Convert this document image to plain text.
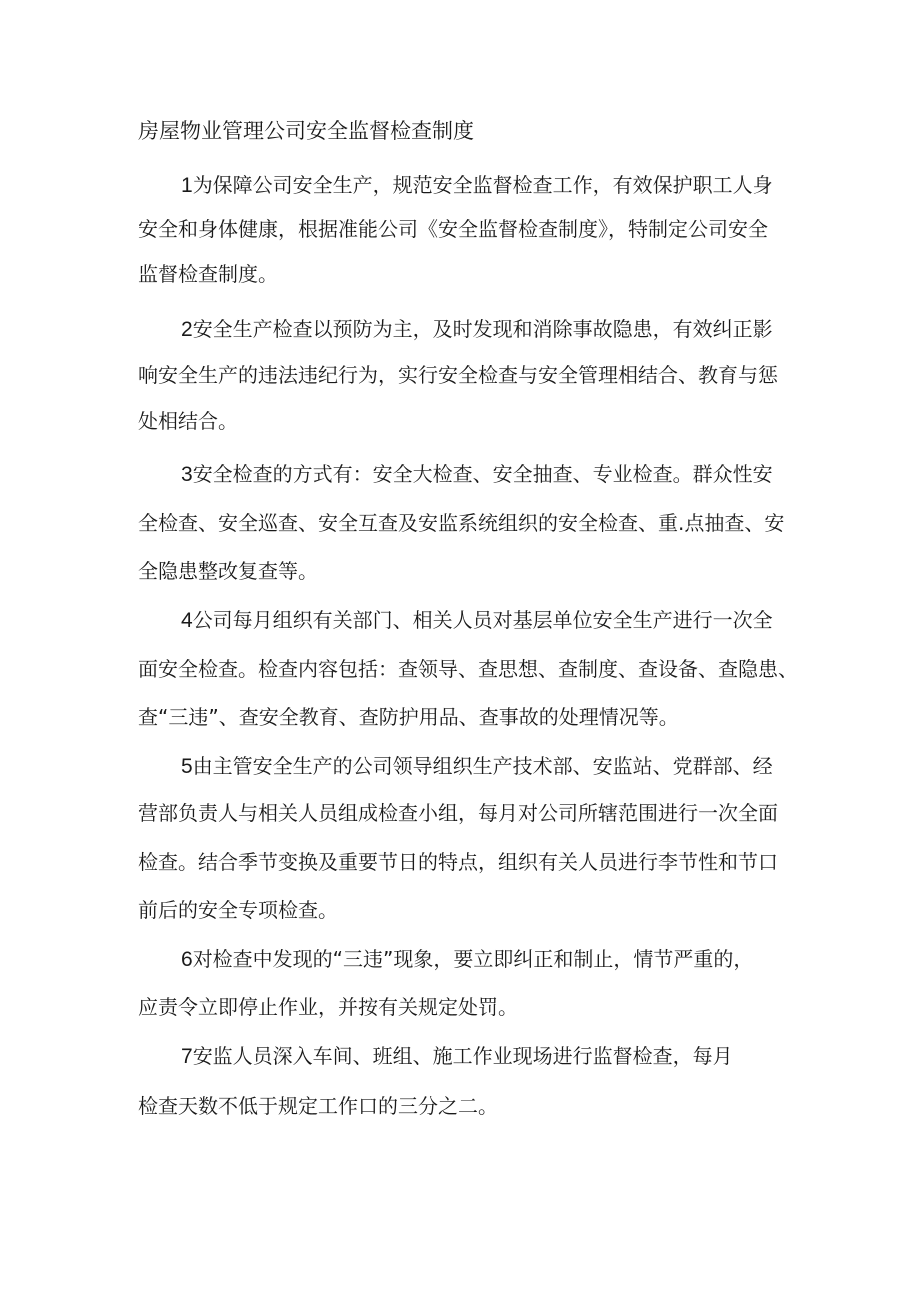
房屋物业管理公司安全监督检查制度

1为保障公司安全生产，规范安全监督检查工作，有效保护职工人身

安全和身体健康，根据准能公司《安全监督检查制度》，特制定公司安全

监督检查制度。

2安全生产检查以预防为主，及时发现和消除事故隐患，有效纠正影

响安全生产的违法违纪行为，实行安全检查与安全管理相结合、教育与惩

处相结合。

3安全检查的方式有：安全大检查、安全抽查、专业检查。群众性安

全检查、安全巡查、安全互查及安监系统组织的安全检查、重.点抽查、安

全隐患整改复查等。

4公司每月组织有关部门、相关人员对基层单位安全生产进行一次全

面安全检查。检查内容包括：查领导、查思想、查制度、查设备、查隐患、

查“三违”、查安全教育、查防护用品、查事故的处理情况等。

5由主管安全生产的公司领导组织生产技术部、安监站、党群部、经

营部负责人与相关人员组成检查小组，每月对公司所辖范围进行一次全面

检查。结合季节变换及重要节日的特点，组织有关人员进行李节性和节口

前后的安全专项检查。

6对检查中发现的“三违”现象，要立即纠正和制止，情节严重的，

应责令立即停止作业，并按有关规定处罚。

7安监人员深入车间、班组、施工作业现场进行监督检查，每月

检查天数不低于规定工作口的三分之二。
